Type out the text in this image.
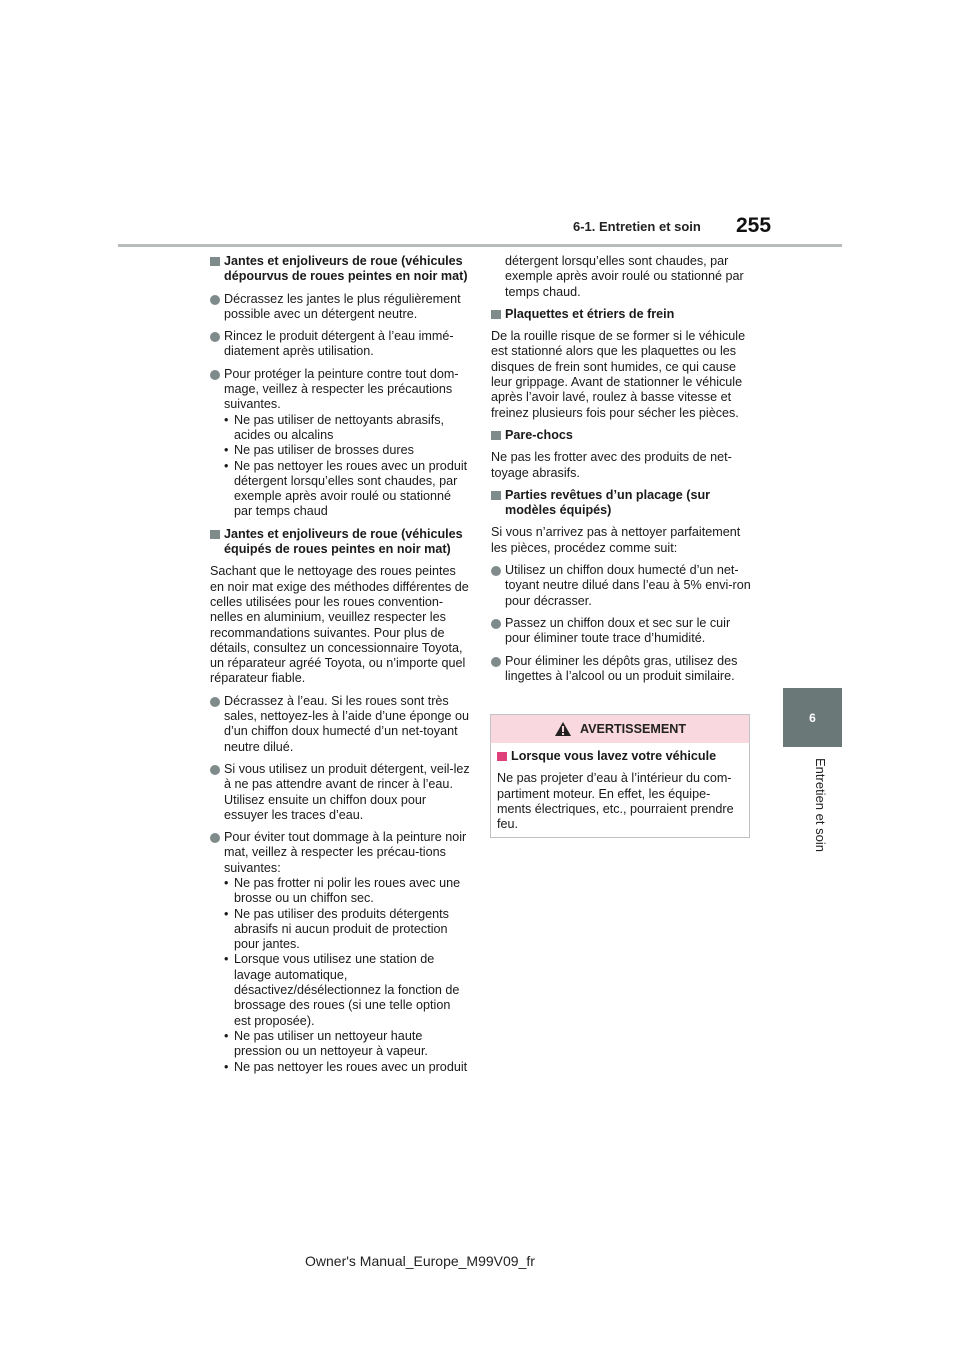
255
6-1. Entretien et soin
6
Entretien et soin
Jantes et enjoliveurs de roue (véhicules dépourvus de roues peintes en noir mat)
Décrassez les jantes le plus régulièrement possible avec un détergent neutre.
Rincez le produit détergent à l’eau immé-diatement après utilisation.
Pour protéger la peinture contre tout dom-mage, veillez à respecter les précautions suivantes.
• Ne pas utiliser de nettoyants abrasifs, acides ou alcalins
• Ne pas utiliser de brosses dures
• Ne pas nettoyer les roues avec un produit détergent lorsqu’elles sont chaudes, par exemple après avoir roulé ou stationné par temps chaud
Jantes et enjoliveurs de roue (véhicules équipés de roues peintes en noir mat)
Sachant que le nettoyage des roues peintes en noir mat exige des méthodes différentes de celles utilisées pour les roues convention-nelles en aluminium, veuillez respecter les recommandations suivantes. Pour plus de détails, consultez un concessionnaire Toyota, un réparateur agréé Toyota, ou n’importe quel réparateur fiable.
Décrassez à l’eau. Si les roues sont très sales, nettoyez-les à l’aide d’une éponge ou d’un chiffon doux humecté d’un net-toyant neutre dilué.
Si vous utilisez un produit détergent, veil-lez à ne pas attendre avant de rincer à l’eau. Utilisez ensuite un chiffon doux pour essuyer les traces d’eau.
Pour éviter tout dommage à la peinture noir mat, veillez à respecter les précau-tions suivantes:
• Ne pas frotter ni polir les roues avec une brosse ou un chiffon sec.
• Ne pas utiliser des produits détergents abrasifs ni aucun produit de protection pour jantes.
• Lorsque vous utilisez une station de lavage automatique, désactivez/désélectionnez la fonction de brossage des roues (si une telle option est proposée).
• Ne pas utiliser un nettoyeur haute pression ou un nettoyeur à vapeur.
• Ne pas nettoyer les roues avec un produit
détergent lorsqu’elles sont chaudes, par exemple après avoir roulé ou stationné par temps chaud.
Plaquettes et étriers de frein
De la rouille risque de se former si le véhicule est stationné alors que les plaquettes ou les disques de frein sont humides, ce qui cause leur grippage. Avant de stationner le véhicule après l’avoir lavé, roulez à basse vitesse et freinez plusieurs fois pour sécher les pièces.
Pare-chocs
Ne pas les frotter avec des produits de net-toyage abrasifs.
Parties revêtues d’un placage (sur modèles équipés)
Si vous n’arrivez pas à nettoyer parfaitement les pièces, procédez comme suit:
Utilisez un chiffon doux humecté d’un net-toyant neutre dilué dans l’eau à 5% envi-ron pour décrasser.
Passez un chiffon doux et sec sur le cuir pour éliminer toute trace d’humidité.
Pour éliminer les dépôts gras, utilisez des lingettes à l’alcool ou un produit similaire.
AVERTISSEMENT
Lorsque vous lavez votre véhicule
Ne pas projeter d’eau à l’intérieur du com-partiment moteur. En effet, les équipe-ments électriques, etc., pourraient prendre feu.
Owner's Manual_Europe_M99V09_fr
